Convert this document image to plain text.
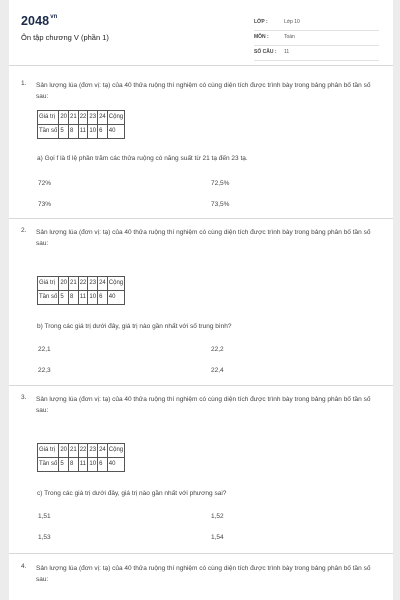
$2048^{vn}$
Ôn tập chương V (phần 1)
LỚP :	Lớp 10
MÔN :	Toán
SỐ CÂU : 11
1. Sản lượng lúa (đơn vị: tạ) của 40 thửa ruộng thí nghiệm có cùng diện tích được trình bày trong bảng phân bố tần số sau:
Giá trị	20	21	22	23	24	Cộng
Tần số	5	8	11	10	6	40
a) Gọi f là tỉ lệ phần trăm các thửa ruộng có năng suất từ 21 tạ đến 23 tạ.
72%	72,5%
73%	73,5%
2. Sản lượng lúa (đơn vị: tạ) của 40 thửa ruộng thí nghiệm có cùng diện tích được trình bày trong bảng phân bố tần số sau:
Giá trị	20	21	22	23	24	Cộng
Tần số	5	8	11	10	6	40
b) Trong các giá trị dưới đây, giá trị nào gần nhất với số trung bình?
22,1	22,2
22,3	22,4
3. Sản lượng lúa (đơn vị: tạ) của 40 thửa ruộng thí nghiệm có cùng diện tích được trình bày trong bảng phân bố tần số sau:
Giá trị	20	21	22	23	24	Cộng
Tần số	5	8	11	10	6	40
c) Trong các giá trị dưới đây, giá trị nào gần nhất với phương sai?
1,51	1,52
1,53	1,54
4. Sản lượng lúa (đơn vị: tạ) của 40 thửa ruộng thí nghiệm có cùng diện tích được trình bày trong bảng phân bố tần số sau:
